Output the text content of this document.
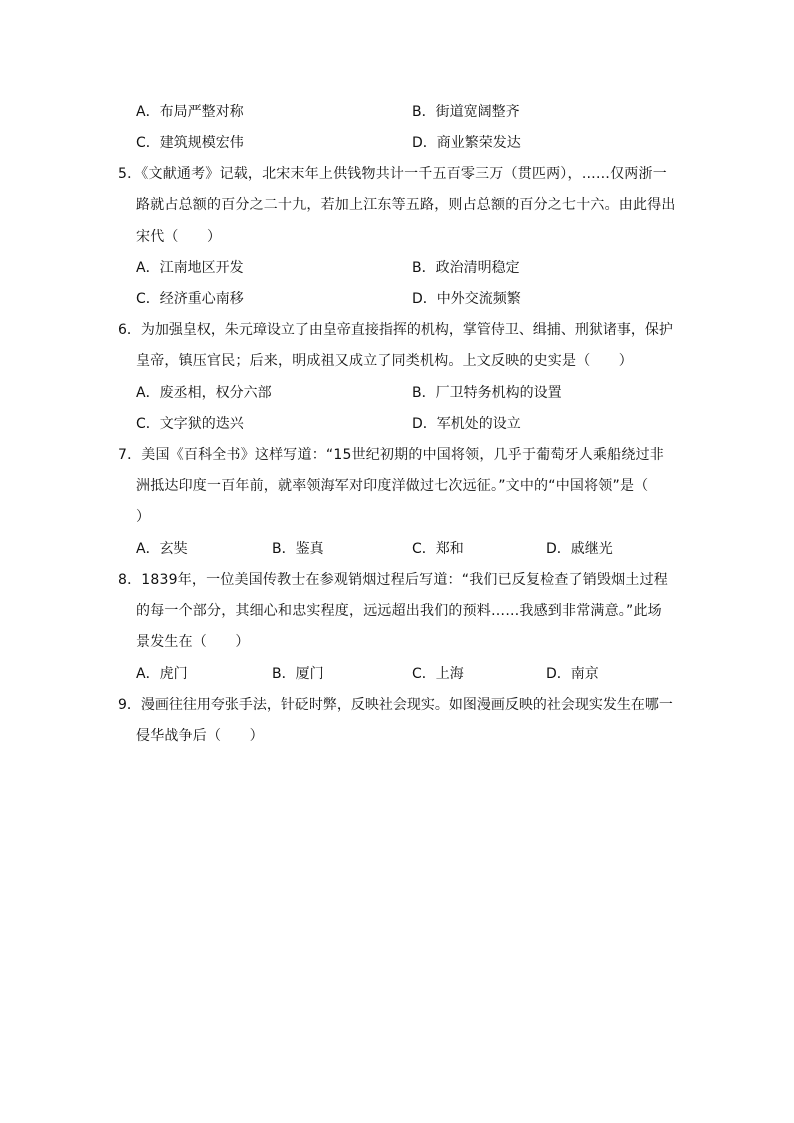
A．布局严整对称	B．街道宽阔整齐
C．建筑规模宏伟	D．商业繁荣发达
5．《文献通考》记载，北宋末年上供钱物共计一千五百零三万（贯匹两），……仅两浙一
路就占总额的百分之二十九，若加上江东等五路，则占总额的百分之七十六。由此得出
宋代（　　）
A．江南地区开发	B．政治清明稳定
C．经济重心南移	D．中外交流频繁
6．为加强皇权，朱元璋设立了由皇帝直接指挥的机构，掌管侍卫、缉捕、刑狱诸事，保护
皇帝，镇压官民；后来，明成祖又成立了同类机构。上文反映的史实是（　　）
A．废丞相，权分六部	B．厂卫特务机构的设置
C．文字狱的迭兴	D．军机处的设立
7．美国《百科全书》这样写道：“15世纪初期的中国将领，几乎于葡萄牙人乘船绕过非
洲抵达印度一百年前，就率领海军对印度洋做过七次远征。”文中的“中国将领”是（
）
A．玄奘	B．鉴真	C．郑和	D．戚继光
8．1839年，一位美国传教士在参观销烟过程后写道：“我们已反复检查了销毁烟土过程
的每一个部分，其细心和忠实程度，远远超出我们的预料……我感到非常满意。”此场
景发生在（　　）
A．虎门	B．厦门	C．上海	D．南京
9．漫画往往用夸张手法，针砭时弊，反映社会现实。如图漫画反映的社会现实发生在哪一
侵华战争后（　　）
